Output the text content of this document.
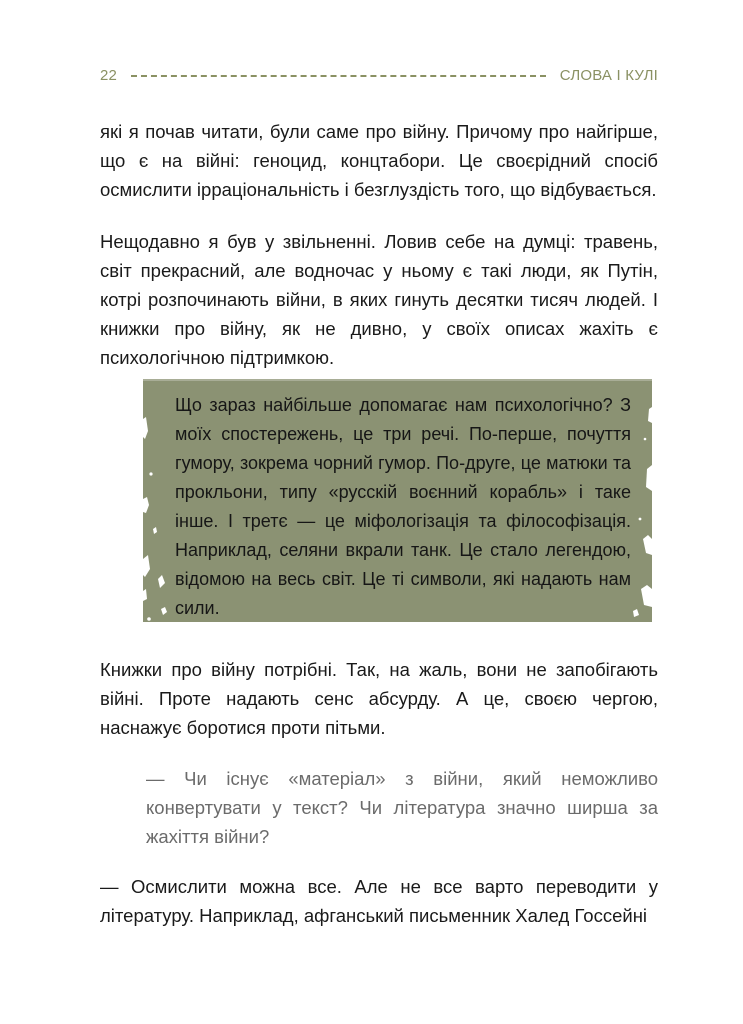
22	СЛОВА І КУЛІ

які я почав читати, були саме про війну. Причому про найгірше, що є на війні: геноцид, концтабори. Це своєрідний спосіб осмислити ірраціональність і безглуздість того, що відбувається.

Нещодавно я був у звільненні. Ловив себе на думці: травень, світ прекрасний, але водночас у ньому є такі люди, як Путін, котрі розпочинають війни, в яких гинуть десятки тисяч людей. І книжки про війну, як не дивно, у своїх описах жахіть є психологічною підтримкою.

Що зараз найбільше допомагає нам психологічно? З моїх спостережень, це три речі. По-перше, почуття гумору, зокрема чорний гумор. По-друге, це матюки та прокльони, типу «русскій воєнний корабль» і таке інше. І третє — це міфологізація та філософізація. Наприклад, селяни вкрали танк. Це стало легендою, відомою на весь світ. Це ті символи, які надають нам сили.

Книжки про війну потрібні. Так, на жаль, вони не запобігають війні. Проте надають сенс абсурду. А це, своєю чергою, наснажує боротися проти пітьми.

— Чи існує «матеріал» з війни, який неможливо конвертувати у текст? Чи література значно ширша за жахіття війни?

— Осмислити можна все. Але не все варто переводити у літературу. Наприклад, афганський письменник Халед Госсейні
